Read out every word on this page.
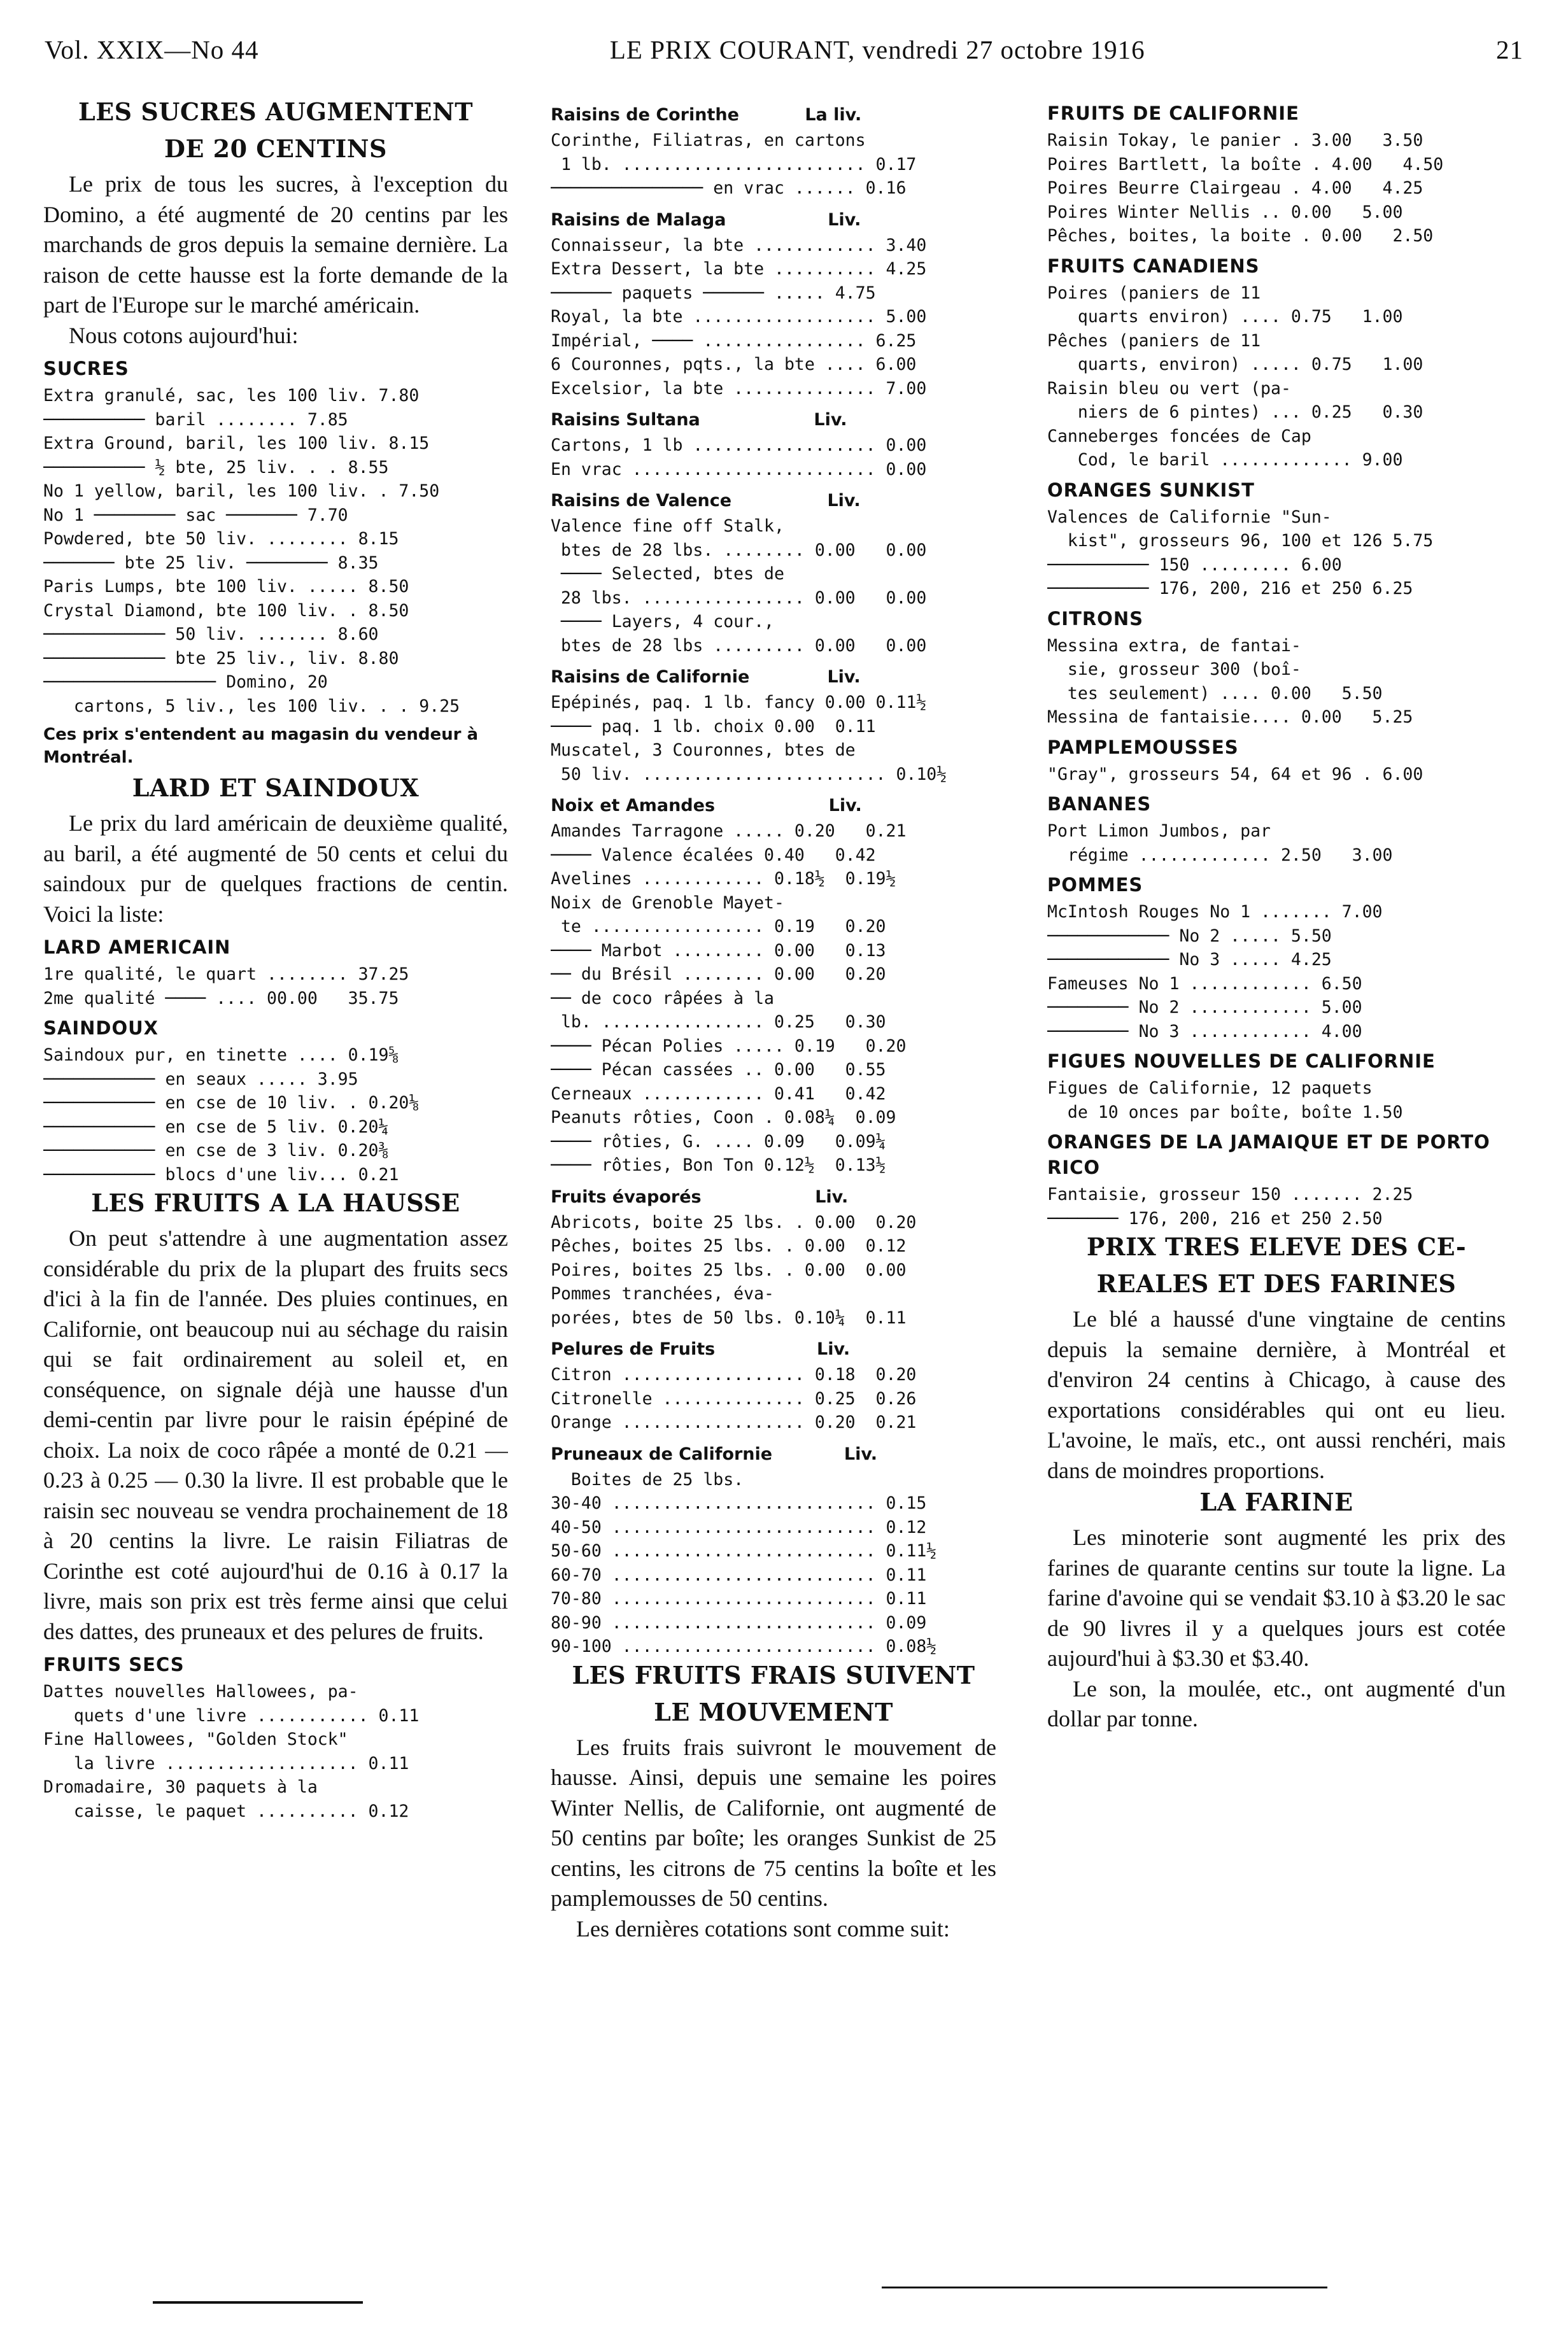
Vol. XXIX—No 44	LE PRIX COURANT, vendredi 27 octobre 1916	21
LES SUCRES AUGMENTENT
DE 20 CENTINS

Le prix de tous les sucres, à l'exception du Domino, a été augmenté de 20 centins par les marchands de gros depuis la semaine dernière. La raison de cette hausse est la forte demande de la part de l'Europe sur le marché américain.

Nous cotons aujourd'hui:

SUCRES
Extra granulé, sac, les 100 liv. 7.80
────────── baril ........ 7.85
Extra Ground, baril, les 100 liv. 8.15
────────── ½ bte, 25 liv. . . 8.55
No 1 yellow, baril, les 100 liv. . 7.50
No 1 ──────── sac ─────── 7.70
Powdered, bte 50 liv. ........ 8.15
─────── bte 25 liv. ──────── 8.35
Paris Lumps, bte 100 liv. ..... 8.50
Crystal Diamond, bte 100 liv. . 8.50
──────────── 50 liv. ....... 8.60
──────────── bte 25 liv., liv. 8.80
───────────────── Domino, 20
cartons, 5 liv., les 100 liv. . . 9.25
Ces prix s'entendent au magasin du vendeur à Montréal.
LARD ET SAINDOUX

Le prix du lard américain de deuxième qualité, au baril, a été augmenté de 50 cents et celui du saindoux pur de quelques fractions de centin. Voici la liste:

LARD AMERICAIN
1re qualité, le quart ........ 37.25
2me qualité ──── .... 00.00   35.75
SAINDOUX
Saindoux pur, en tinette .... 0.19⅝
─────────── en seaux ..... 3.95
─────────── en cse de 10 liv. . 0.20⅛
─────────── en cse de 5 liv. 0.20¼
─────────── en cse de 3 liv. 0.20⅜
─────────── blocs d'une liv... 0.21
LES FRUITS A LA HAUSSE

On peut s'attendre à une augmentation assez considérable du prix de la plupart des fruits secs d'ici à la fin de l'année. Des pluies continues, en Californie, ont beaucoup nui au séchage du raisin qui se fait ordinairement au soleil et, en conséquence, on signale déjà une hausse d'un demi-centin par livre pour le raisin épépiné de choix. La noix de coco râpée a monté de 0.21 — 0.23 à 0.25 — 0.30 la livre. Il est probable que le raisin sec nouveau se vendra prochainement de 18 à 20 centins la livre. Le raisin Filiatras de Corinthe est coté aujourd'hui de 0.16 à 0.17 la livre, mais son prix est très ferme ainsi que celui des dattes, des pruneaux et des pelures de fruits.

FRUITS SECS
Dattes nouvelles Hallowees, pa-
quets d'une livre ........... 0.11
Fine Hallowees, "Golden Stock"
la livre ................... 0.11
Dromadaire, 30 paquets à la
caisse, le paquet .......... 0.12
Raisins de Corinthe           La liv.
Corinthe, Filiatras, en cartons
1 lb. ........................ 0.17
─────────────── en vrac ...... 0.16
Raisins de Malaga                 Liv.
Connaisseur, la bte ............ 3.40
Extra Dessert, la bte .......... 4.25
────── paquets ────── ..... 4.75
Royal, la bte .................. 5.00
Impérial, ──── ................ 6.25
6 Couronnes, pqts., la bte .... 6.00
Excelsior, la bte .............. 7.00
Raisins Sultana                   Liv.
Cartons, 1 lb .................. 0.00
En vrac ........................ 0.00
Raisins de Valence                Liv.
Valence fine off Stalk,
btes de 28 lbs. ........ 0.00   0.00
──── Selected, btes de
28 lbs. ................ 0.00   0.00
──── Layers, 4 cour.,
btes de 28 lbs ......... 0.00   0.00
Raisins de Californie             Liv.
Epépinés, paq. 1 lb. fancy 0.00 0.11½
──── paq. 1 lb. choix 0.00  0.11
Muscatel, 3 Couronnes, btes de
50 liv. ........................ 0.10½
Noix et Amandes                   Liv.
Amandes Tarragone ..... 0.20   0.21
──── Valence écalées 0.40   0.42
Avelines ............ 0.18½  0.19½
Noix de Grenoble Mayet-
te ................. 0.19   0.20
──── Marbot ......... 0.00   0.13
── du Brésil ........ 0.00   0.20
── de coco râpées à la
lb. ................ 0.25   0.30
──── Pécan Polies ..... 0.19   0.20
──── Pécan cassées .. 0.00   0.55
Cerneaux ............ 0.41   0.42
Peanuts rôties, Coon . 0.08¼  0.09
──── rôties, G. .... 0.09   0.09¼
──── rôties, Bon Ton 0.12½  0.13½
Fruits évaporés                   Liv.
Abricots, boite 25 lbs. . 0.00  0.20
Pêches, boites 25 lbs. . 0.00  0.12
Poires, boites 25 lbs. . 0.00  0.00
Pommes tranchées, éva-
porées, btes de 50 lbs. 0.10¼  0.11
Pelures de Fruits                 Liv.
Citron .................. 0.18  0.20
Citronelle .............. 0.25  0.26
Orange .................. 0.20  0.21
Pruneaux de Californie            Liv.
Boites de 25 lbs.
30-40 .......................... 0.15
40-50 .......................... 0.12
50-60 .......................... 0.11½
60-70 .......................... 0.11
70-80 .......................... 0.11
80-90 .......................... 0.09
90-100 ......................... 0.08½
LES FRUITS FRAIS SUIVENT
LE MOUVEMENT

Les fruits frais suivront le mouvement de hausse. Ainsi, depuis une semaine les poires Winter Nellis, de Californie, ont augmenté de 50 centins par boîte; les oranges Sunkist de 25 centins, les citrons de 75 centins la boîte et les pamplemousses de 50 centins.

Les dernières cotations sont comme suit:

FRUITS DE CALIFORNIE
Raisin Tokay, le panier . 3.00   3.50
Poires Bartlett, la boîte . 4.00   4.50
Poires Beurre Clairgeau . 4.00   4.25
Poires Winter Nellis .. 0.00   5.00
Pêches, boites, la boite . 0.00   2.50
FRUITS CANADIENS
Poires (paniers de 11
quarts environ) .... 0.75   1.00
Pêches (paniers de 11
quarts, environ) ..... 0.75   1.00
Raisin bleu ou vert (pa-
niers de 6 pintes) ... 0.25   0.30
Canneberges foncées de Cap
Cod, le baril ............. 9.00
ORANGES SUNKIST
Valences de Californie "Sun-
kist", grosseurs 96, 100 et 126 5.75
────────── 150 ......... 6.00
────────── 176, 200, 216 et 250 6.25
CITRONS
Messina extra, de fantai-
sie, grosseur 300 (boî-
tes seulement) .... 0.00   5.50
Messina de fantaisie.... 0.00   5.25
PAMPLEMOUSSES
"Gray", grosseurs 54, 64 et 96 . 6.00
BANANES
Port Limon Jumbos, par
régime ............. 2.50   3.00
POMMES
McIntosh Rouges No 1 ....... 7.00
──────────── No 2 ..... 5.50
──────────── No 3 ..... 4.25
Fameuses No 1 ............ 6.50
──────── No 2 ............ 5.00
──────── No 3 ............ 4.00
FIGUES NOUVELLES DE CALIFORNIE
Figues de Californie, 12 paquets
de 10 onces par boîte, boîte 1.50
ORANGES DE LA JAMAIQUE ET DE PORTO RICO
Fantaisie, grosseur 150 ....... 2.25
─────── 176, 200, 216 et 250 2.50
PRIX TRES ELEVE DES CE-
REALES ET DES FARINES

Le blé a haussé d'une vingtaine de centins depuis la semaine dernière, à Montréal et d'environ 24 centins à Chicago, à cause des exportations considérables qui ont eu lieu. L'avoine, le maïs, etc., ont aussi renchéri, mais dans de moindres proportions.

LA FARINE

Les minoterie sont augmenté les prix des farines de quarante centins sur toute la ligne. La farine d'avoine qui se vendait $3.10 à $3.20 le sac de 90 livres il y a quelques jours est cotée aujourd'hui à $3.30 et $3.40.

Le son, la moulée, etc., ont augmenté d'un dollar par tonne.
